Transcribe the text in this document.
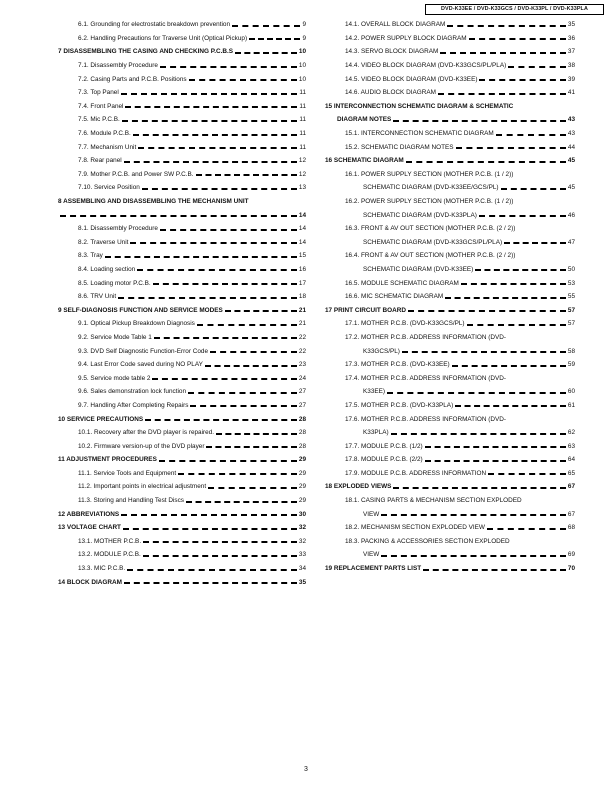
DVD-K33EE / DVD-K33GCS / DVD-K33PL / DVD-K33PLA
6.1. Grounding for electrostatic breakdown prevention	9
6.2. Handling Precautions for Traverse Unit (Optical Pickup)	9
7 DISASSEMBLING THE CASING AND CHECKING P.C.B.S	10
7.1. Disassembly Procedure	10
7.2. Casing Parts and P.C.B. Positions	10
7.3. Top Panel	11
7.4. Front Panel	11
7.5. Mic P.C.B.	11
7.6. Module P.C.B.	11
7.7. Mechanism Unit	11
7.8. Rear panel	12
7.9. Mother P.C.B. and Power SW P.C.B.	12
7.10. Service Position	13
8 ASSEMBLING AND DISASSEMBLING THE MECHANISM UNIT
14
8.1. Disassembly Procedure	14
8.2. Traverse Unit	14
8.3. Tray	15
8.4. Loading section	16
8.5. Loading motor P.C.B.	17
8.6. TRV Unit	18
9 SELF-DIAGNOSIS FUNCTION AND SERVICE MODES	21
9.1. Optical Pickup Breakdown Diagnosis	21
9.2. Service Mode Table 1	22
9.3. DVD Self Diagnostic Function-Error Code	22
9.4. Last Error Code saved during NO PLAY	23
9.5. Service mode table 2	24
9.6. Sales demonstration lock function	27
9.7. Handling After Completing Repairs	27
10 SERVICE PRECAUTIONS	28
10.1. Recovery after the DVD player is repaired.	28
10.2. Firmware version-up of the DVD player	28
11 ADJUSTMENT PROCEDURES	29
11.1. Service Tools and Equipment	29
11.2. Important points in electrical adjustment	29
11.3. Storing and Handling Test Discs	29
12 ABBREVIATIONS	30
13 VOLTAGE CHART	32
13.1. MOTHER P.C.B.	32
13.2. MODULE P.C.B.	33
13.3. MIC P.C.B.	34
14 BLOCK DIAGRAM	35
14.1. OVERALL BLOCK DIAGRAM	35
14.2. POWER SUPPLY BLOCK DIAGRAM	36
14.3. SERVO BLOCK DIAGRAM	37
14.4. VIDEO BLOCK DIAGRAM (DVD-K33GCS/PL/PLA)	38
14.5. VIDEO BLOCK DIAGRAM (DVD-K33EE)	39
14.6. AUDIO BLOCK DIAGRAM	41
15 INTERCONNECTION SCHEMATIC DIAGRAM & SCHEMATIC
DIAGRAM NOTES	43
15.1. INTERCONNECTION SCHEMATIC DIAGRAM	43
15.2. SCHEMATIC DIAGRAM NOTES	44
16 SCHEMATIC DIAGRAM	45
16.1. POWER SUPPLY SECTION (MOTHER P.C.B. (1 / 2))
SCHEMATIC DIAGRAM (DVD-K33EE/GCS/PL)	45
16.2. POWER SUPPLY SECTION (MOTHER P.C.B. (1 / 2))
SCHEMATIC DIAGRAM (DVD-K33PLA)	46
16.3. FRONT & AV OUT SECTION (MOTHER P.C.B. (2 / 2))
SCHEMATIC DIAGRAM (DVD-K33GCS/PL/PLA)	47
16.4. FRONT & AV OUT SECTION (MOTHER P.C.B. (2 / 2))
SCHEMATIC DIAGRAM (DVD-K33EE)	50
16.5. MODULE SCHEMATIC DIAGRAM	53
16.6. MIC SCHEMATIC DIAGRAM	55
17 PRINT CIRCUIT BOARD	57
17.1. MOTHER P.C.B. (DVD-K33GCS/PL)	57
17.2. MOTHER P.C.B. ADDRESS INFORMATION (DVD-
K33GCS/PL)	58
17.3. MOTHER P.C.B. (DVD-K33EE)	59
17.4. MOTHER P.C.B. ADDRESS INFORMATION (DVD-
K33EE)	60
17.5. MOTHER P.C.B. (DVD-K33PLA)	61
17.6. MOTHER P.C.B. ADDRESS INFORMATION (DVD-
K33PLA)	62
17.7. MODULE P.C.B. (1/2)	63
17.8. MODULE P.C.B. (2/2)	64
17.9. MODULE P.C.B. ADDRESS INFORMATION	65
18 EXPLODED VIEWS	67
18.1. CASING PARTS & MECHANISM SECTION EXPLODED
VIEW	67
18.2. MECHANISM SECTION EXPLODED VIEW	68
18.3. PACKING & ACCESSORIES SECTION EXPLODED
VIEW	69
19 REPLACEMENT PARTS LIST	70
3
